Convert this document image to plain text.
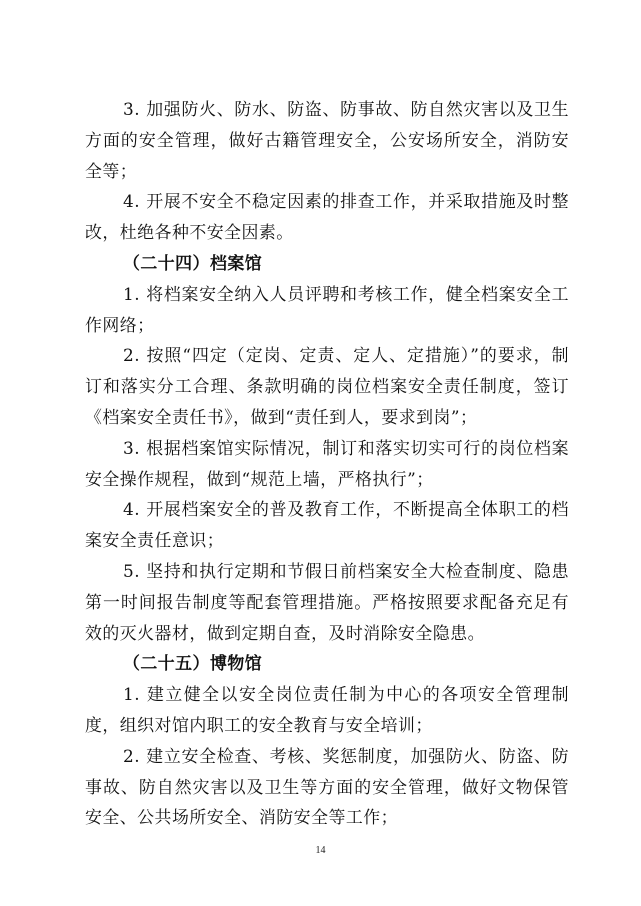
3. 加强防火、防水、防盗、防事故、防自然灾害以及卫生方面的安全管理，做好古籍管理安全，公安场所安全，消防安全等；

4. 开展不安全不稳定因素的排查工作，并采取措施及时整改，杜绝各种不安全因素。

（二十四）档案馆

1. 将档案安全纳入人员评聘和考核工作，健全档案安全工作网络；

2. 按照“四定（定岗、定责、定人、定措施）”的要求，制订和落实分工合理、条款明确的岗位档案安全责任制度，签订《档案安全责任书》，做到“责任到人，要求到岗”；

3. 根据档案馆实际情况，制订和落实切实可行的岗位档案安全操作规程，做到“规范上墙，严格执行”；

4. 开展档案安全的普及教育工作，不断提高全体职工的档案安全责任意识；

5. 坚持和执行定期和节假日前档案安全大检查制度、隐患第一时间报告制度等配套管理措施。严格按照要求配备充足有效的灭火器材，做到定期自查，及时消除安全隐患。

（二十五）博物馆

1. 建立健全以安全岗位责任制为中心的各项安全管理制度，组织对馆内职工的安全教育与安全培训；

2. 建立安全检查、考核、奖惩制度，加强防火、防盗、防事故、防自然灾害以及卫生等方面的安全管理，做好文物保管安全、公共场所安全、消防安全等工作；

14
